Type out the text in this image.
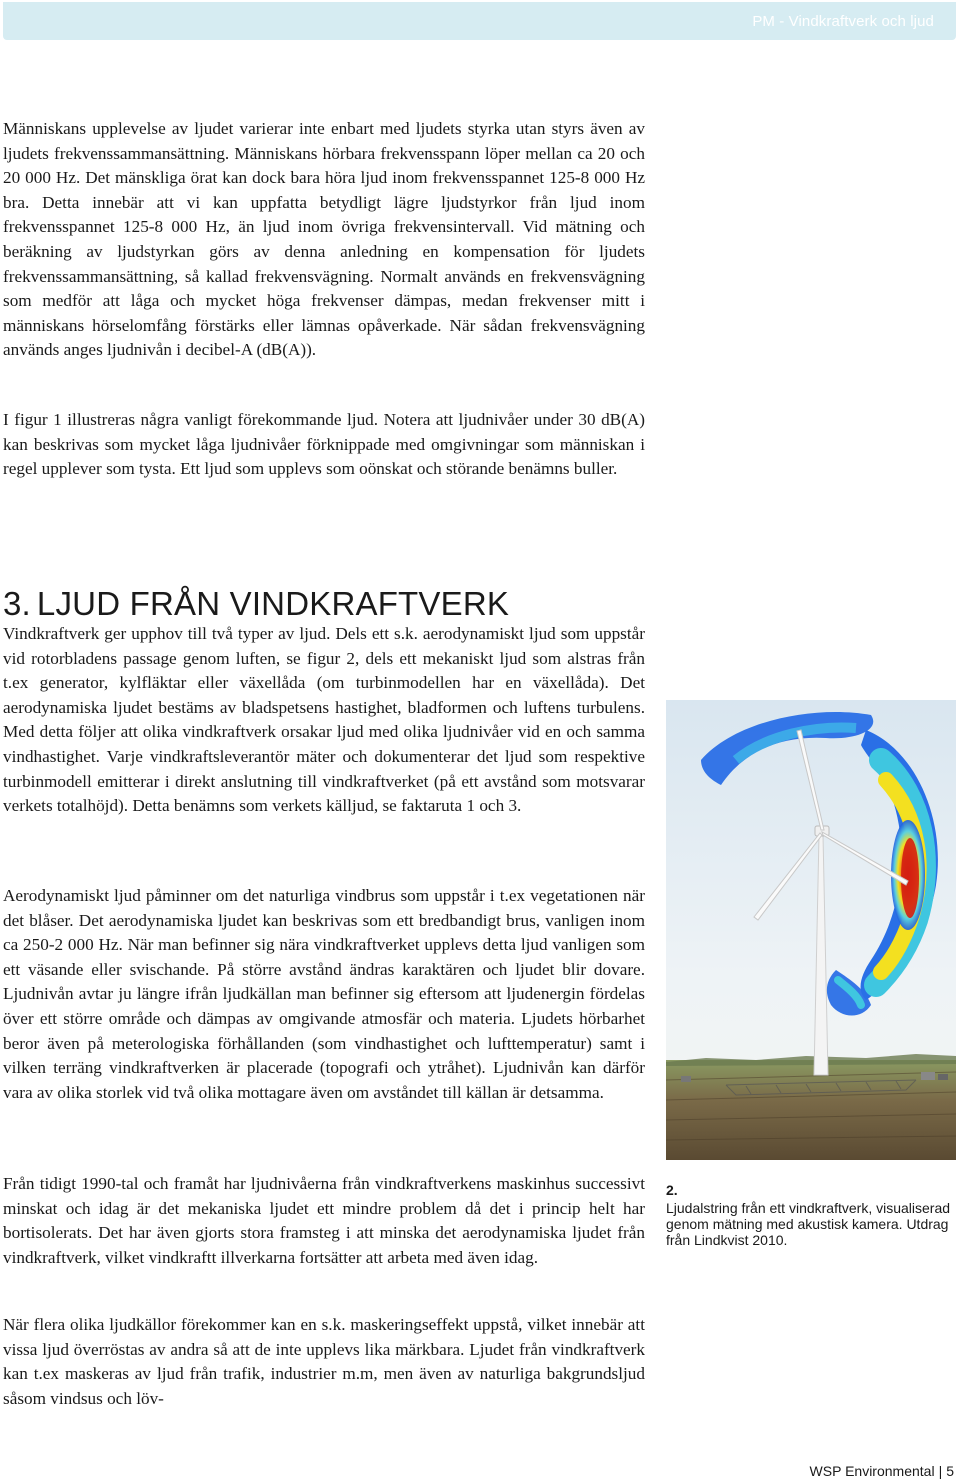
PM - Vindkraftverk och ljud

Människans upplevelse av ljudet varierar inte enbart med ljudets styrka utan styrs även av ljudets frekvenssammansättning. Människans hörbara frekvensspann löper mellan ca 20 och 20 000 Hz. Det mänskliga örat kan dock bara höra ljud inom frekvensspannet 125-8 000 Hz bra. Detta innebär att vi kan uppfatta betydligt lägre ljudstyrkor från ljud inom frekvensspannet 125-8 000 Hz, än ljud inom övriga frekvensintervall. Vid mätning och beräkning av ljudstyrkan görs av denna anledning en kompensation för ljudets frekvenssammansättning, så kallad frekvensvägning. Normalt används en frekvensvägning som medför att låga och mycket höga frekvenser dämpas, medan frekvenser mitt i människans hörselomfång förstärks eller lämnas opåverkade. När sådan frekvensvägning används anges ljudnivån i decibel-A (dB(A)).

I figur 1 illustreras några vanligt förekommande ljud. Notera att ljudnivåer under 30 dB(A) kan beskrivas som mycket låga ljudnivåer förknippade med omgivningar som människan i regel upplever som tysta. Ett ljud som upplevs som oönskat och störande benämns buller.

3. LJUD FRÅN VINDKRAFTVERK

Vindkraftverk ger upphov till två typer av ljud. Dels ett s.k. aerodynamiskt ljud som uppstår vid rotorbladens passage genom luften, se figur 2, dels ett mekaniskt ljud som alstras från t.ex generator, kylfläktar eller växellåda (om turbinmodellen har en växellåda). Det aerodynamiska ljudet bestäms av bladspetsens hastighet, bladformen och luftens turbulens. Med detta följer att olika vindkraftverk orsakar ljud med olika ljudnivåer vid en och samma vindhastighet. Varje vindkraftsleverantör mäter och dokumenterar det ljud som respektive turbinmodell emitterar i direkt anslutning till vindkraftverket (på ett avstånd som motsvarar verkets totalhöjd). Detta benämns som verkets källjud, se faktaruta 1 och 3.

Aerodynamiskt ljud påminner om det naturliga vindbrus som uppstår i t.ex vegetationen när det blåser. Det aerodynamiska ljudet kan beskrivas som ett bredbandigt brus, vanligen inom ca 250-2 000 Hz. När man befinner sig nära vindkraftverket upplevs detta ljud vanligen som ett väsande eller svischande. På större avstånd ändras karaktären och ljudet blir dovare. Ljudnivån avtar ju längre ifrån ljudkällan man befinner sig eftersom att ljudenergin fördelas över ett större område och dämpas av omgivande atmosfär och materia. Ljudets hörbarhet beror även på meterologiska förhållanden (som vindhastighet och lufttemperatur) samt i vilken terräng vindkraftverken är placerade (topografi och ytråhet). Ljudnivån kan därför vara av olika storlek vid två olika mottagare även om avståndet till källan är detsamma.

Från tidigt 1990-tal och framåt har ljudnivåerna från vindkraftverkens maskinhus successivt minskat och idag är det mekaniska ljudet ett mindre problem då det i princip helt har bortisolerats. Det har även gjorts stora framsteg i att minska det aerodynamiska ljudet från vindkraftverk, vilket vindkraftt illverkarna fortsätter att arbeta med även idag.

När flera olika ljudkällor förekommer kan en s.k. maskeringseffekt uppstå, vilket innebär att vissa ljud överröstas av andra så att de inte upplevs lika märkbara. Ljudet från vindkraftverk kan t.ex maskeras av ljud från trafik, industrier m.m, men även av naturliga bakgrundsljud såsom vindsus och löv-

2.

Ljudalstring från ett vindkraftverk, visualiserad genom mätning med akustisk kamera. Utdrag från Lindkvist 2010.

WSP Environmental | 5
